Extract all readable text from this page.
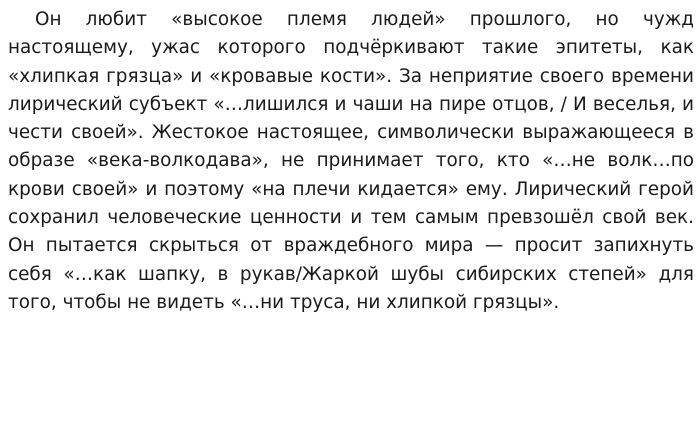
Он любит «высокое племя людей» прошлого, но чужд настоящему, ужас которого подчёркивают такие эпитеты, как «хлипкая грязца» и «кровавые кости». За неприятие своего времени лирический субъект «…лишился и чаши на пире отцов, / И веселья, и чести своей». Жестокое настоящее, символически выражающееся в образе «века-волкодава», не принимает того, кто «…не волк…по крови своей» и поэтому «на плечи кидается» ему. Лирический герой сохранил человеческие ценности и тем самым превзошёл свой век. Он пытается скрыться от враждебного мира — просит запихнуть себя «…как шапку, в рукав/Жаркой шубы сибирских степей» для того, чтобы не видеть «…ни труса, ни хлипкой грязцы».
